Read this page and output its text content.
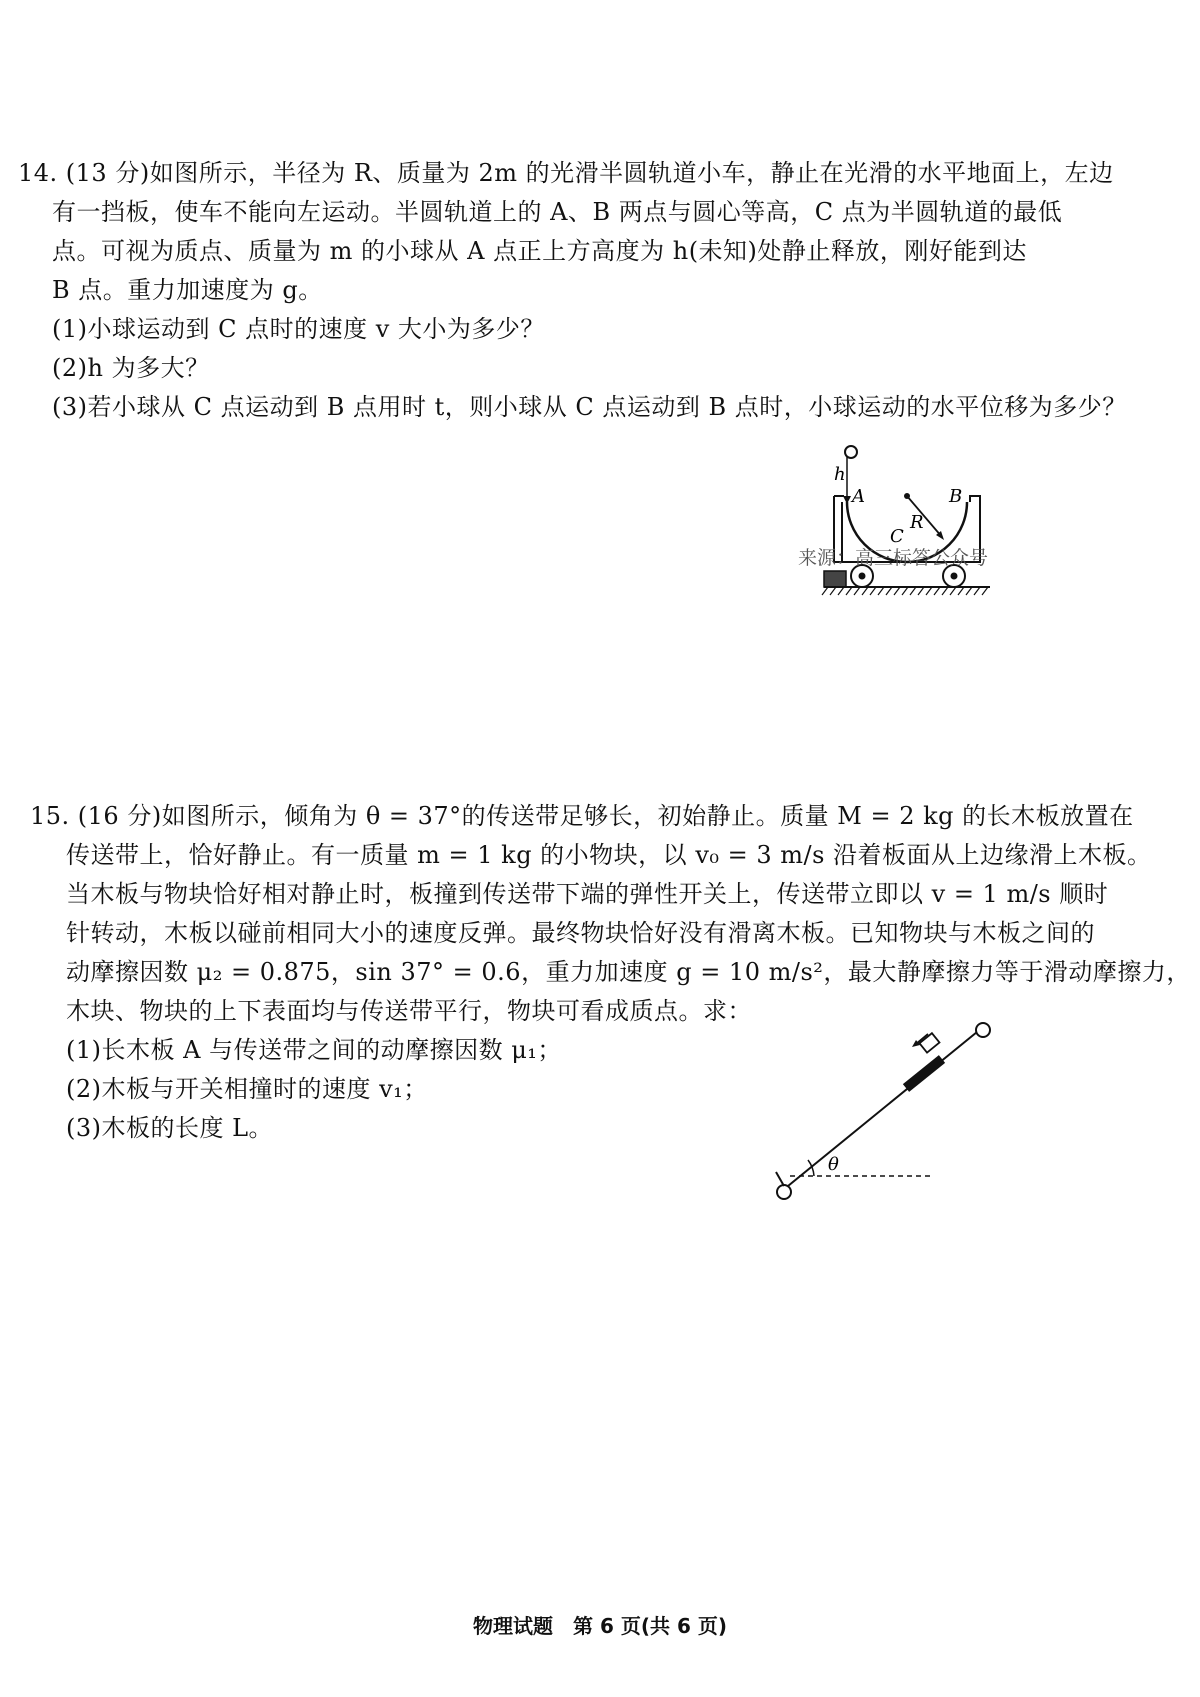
14. (13 分)如图所示，半径为 R、质量为 2m 的光滑半圆轨道小车，静止在光滑的水平地面上，左边
有一挡板，使车不能向左运动。半圆轨道上的 A、B 两点与圆心等高，C 点为半圆轨道的最低
点。可视为质点、质量为 m 的小球从 A 点正上方高度为 h(未知)处静止释放，刚好能到达
B 点。重力加速度为 g。
(1)小球运动到 C 点时的速度 v 大小为多少？
(2)h 为多大？
(3)若小球从 C 点运动到 B 点用时 t，则小球从 C 点运动到 B 点时，小球运动的水平位移为多少？
h
A	B
C
R
来源：高三标答公众号
15. (16 分)如图所示，倾角为 θ = 37°的传送带足够长，初始静止。质量 M = 2 kg 的长木板放置在
传送带上，恰好静止。有一质量 m = 1 kg 的小物块，以 v₀ = 3 m/s 沿着板面从上边缘滑上木板。
当木板与物块恰好相对静止时，板撞到传送带下端的弹性开关上，传送带立即以 v = 1 m/s 顺时
针转动，木板以碰前相同大小的速度反弹。最终物块恰好没有滑离木板。已知物块与木板之间的
动摩擦因数 μ₂ = 0.875，sin 37° = 0.6，重力加速度 g = 10 m/s²，最大静摩擦力等于滑动摩擦力，
木块、物块的上下表面均与传送带平行，物块可看成质点。求：
(1)长木板 A 与传送带之间的动摩擦因数 μ₁；
(2)木板与开关相撞时的速度 v₁；
(3)木板的长度 L。
θ
物理试题　第 6 页(共 6 页)
